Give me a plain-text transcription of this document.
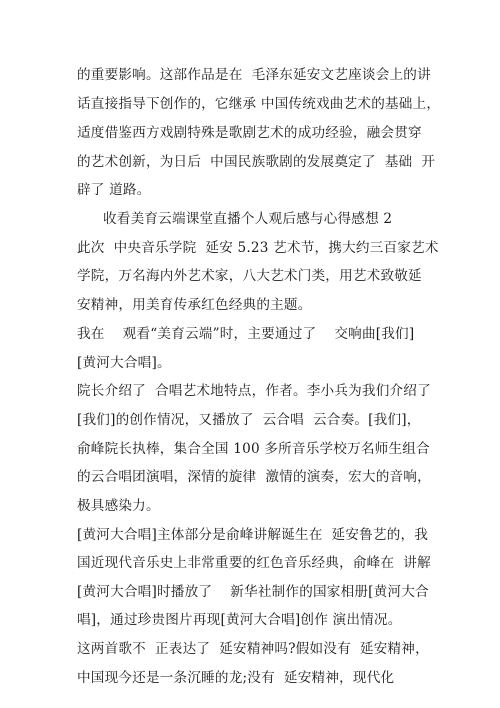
的重要影响。这部作品是在  毛泽东延安文艺座谈会上的讲
话直接指导下创作的，它继承 中国传统戏曲艺术的基础上，
适度借鉴西方戏剧特殊是歌剧艺术的成功经验，融会贯穿
的艺术创新，为日后  中国民族歌剧的发展奠定了  基础  开
辟了 道路。
收看美育云端课堂直播个人观后感与心得感想 2
此次  中央音乐学院  延安 5.23 艺术节，携大约三百家艺术
学院，万名海内外艺术家，八大艺术门类，用艺术致敬延
安精神，用美育传承红色经典的主题。
我在    观看“美育云端”时，主要通过了    交响曲[我们]
[黄河大合唱]。
院长介绍了  合唱艺术地特点，作者。李小兵为我们介绍了
[我们]的创作情况，又播放了  云合唱  云合奏。[我们]，
俞峰院长执棒，集合全国 100 多所音乐学校万名师生组合
的云合唱团演唱，深情的旋律  激情的演奏，宏大的音响，
极具感染力。
[黄河大合唱]主体部分是俞峰讲解诞生在  延安鲁艺的，我
国近现代音乐史上非常重要的红色音乐经典，俞峰在  讲解
[黄河大合唱]时播放了    新华社制作的国家相册[黄河大合
唱]，通过珍贵图片再现[黄河大合唱]创作 演出情况。
这两首歌不  正表达了  延安精神吗?假如没有  延安精神，
中国现今还是一条沉睡的龙;没有  延安精神，现代化
